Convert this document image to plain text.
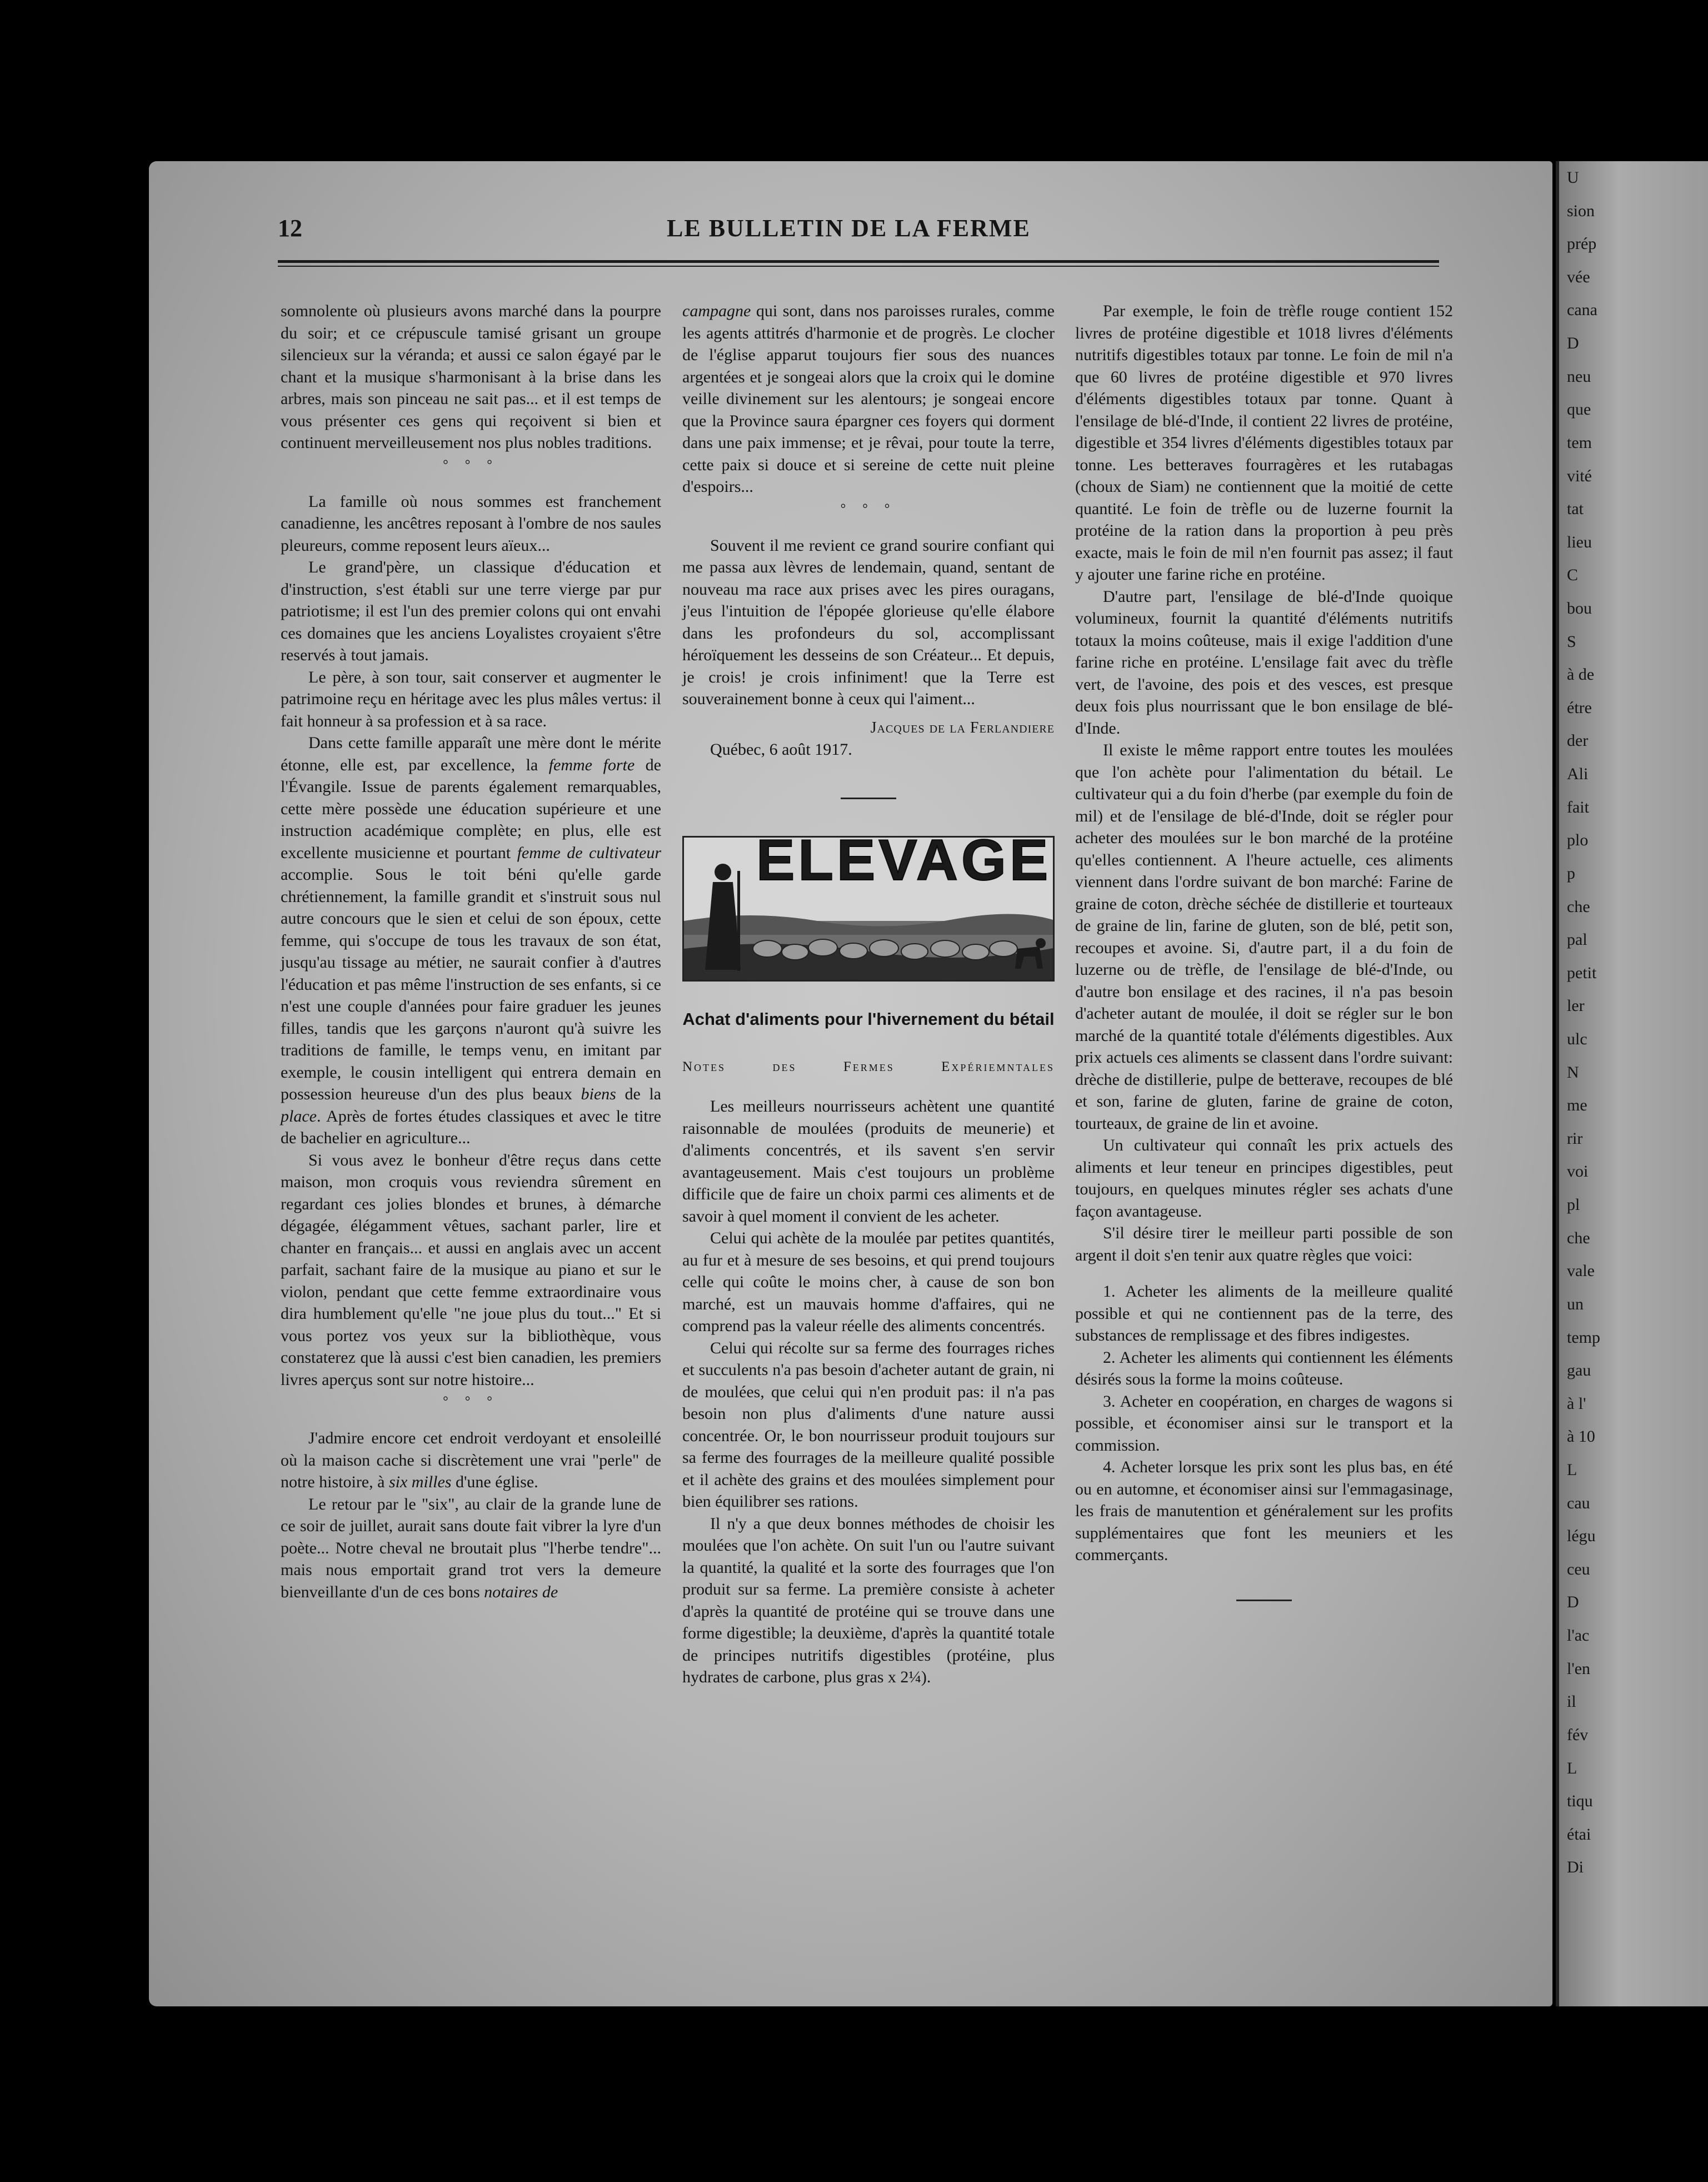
U
sion
prép
vée
cana
D
neu
que
tem
vité
tat
lieu
C
bou
S
à de
étre
der
Ali
fait
plo
p
che
pal
petit
ler
ulc
N
me
rir
voi
pl
che
vale
un
temp
gau
à l'
à 10
L
cau
légu
ceu
D
l'ac
l'en
il
fév
L
tiqu
étai
Di
12	LE BULLETIN DE LA FERME

somnolente où plusieurs avons marché dans la pourpre du soir; et ce crépuscule tamisé grisant un groupe silencieux sur la véranda; et aussi ce salon égayé par le chant et la musique s'harmonisant à la brise dans les arbres, mais son pinceau ne sait pas... et il est temps de vous présenter ces gens qui reçoivent si bien et continuent merveilleusement nos plus nobles traditions.

° ° °

La famille où nous sommes est franchement canadienne, les ancêtres reposant à l'ombre de nos saules pleureurs, comme reposent leurs aïeux...

Le grand'père, un classique d'éducation et d'instruction, s'est établi sur une terre vierge par pur patriotisme; il est l'un des premier colons qui ont envahi ces domaines que les anciens Loyalistes croyaient s'être reservés à tout jamais.

Le père, à son tour, sait conserver et augmenter le patrimoine reçu en héritage avec les plus mâles vertus: il fait honneur à sa profession et à sa race.

Dans cette famille apparaît une mère dont le mérite étonne, elle est, par excellence, la femme forte de l'Évangile. Issue de parents également remarquables, cette mère possède une éducation supérieure et une instruction académique complète; en plus, elle est excellente musicienne et pourtant femme de cultivateur accomplie. Sous le toit béni qu'elle garde chrétiennement, la famille grandit et s'instruit sous nul autre concours que le sien et celui de son époux, cette femme, qui s'occupe de tous les travaux de son état, jusqu'au tissage au métier, ne saurait confier à d'autres l'éducation et pas même l'instruction de ses enfants, si ce n'est une couple d'années pour faire graduer les jeunes filles, tandis que les garçons n'auront qu'à suivre les traditions de famille, le temps venu, en imitant par exemple, le cousin intelligent qui entrera demain en possession heureuse d'un des plus beaux biens de la place. Après de fortes études classiques et avec le titre de bachelier en agriculture...

Si vous avez le bonheur d'être reçus dans cette maison, mon croquis vous reviendra sûrement en regardant ces jolies blondes et brunes, à démarche dégagée, élégamment vêtues, sachant parler, lire et chanter en français... et aussi en anglais avec un accent parfait, sachant faire de la musique au piano et sur le violon, pendant que cette femme extraordinaire vous dira humblement qu'elle "ne joue plus du tout..." Et si vous portez vos yeux sur la bibliothèque, vous constaterez que là aussi c'est bien canadien, les premiers livres aperçus sont sur notre histoire...

° ° °

J'admire encore cet endroit verdoyant et ensoleillé où la maison cache si discrètement une vrai "perle" de notre histoire, à six milles d'une église.

Le retour par le "six", au clair de la grande lune de ce soir de juillet, aurait sans doute fait vibrer la lyre d'un poète... Notre cheval ne broutait plus "l'herbe tendre"... mais nous emportait grand trot vers la demeure bienveillante d'un de ces bons notaires de

campagne qui sont, dans nos paroisses rurales, comme les agents attitrés d'harmonie et de progrès. Le clocher de l'église apparut toujours fier sous des nuances argentées et je songeai alors que la croix qui le domine veille divinement sur les alentours; je songeai encore que la Province saura épargner ces foyers qui dorment dans une paix immense; et je rêvai, pour toute la terre, cette paix si douce et si sereine de cette nuit pleine d'espoirs...

° ° °

Souvent il me revient ce grand sourire confiant qui me passa aux lèvres de lendemain, quand, sentant de nouveau ma race aux prises avec les pires ouragans, j'eus l'intuition de l'épopée glorieuse qu'elle élabore dans les profondeurs du sol, accomplissant héroïquement les desseins de son Créateur... Et depuis, je crois! je crois infiniment! que la Terre est souverainement bonne à ceux qui l'aiment...

Jacques de la Ferlandiere

Québec, 6 août 1917.

ELEVAGE
Achat d'aliments pour l'hivernement du bétail
Notes des Fermes Expériemntales

Les meilleurs nourrisseurs achètent une quantité raisonnable de moulées (produits de meunerie) et d'aliments concentrés, et ils savent s'en servir avantageusement. Mais c'est toujours un problème difficile que de faire un choix parmi ces aliments et de savoir à quel moment il convient de les acheter.

Celui qui achète de la moulée par petites quantités, au fur et à mesure de ses besoins, et qui prend toujours celle qui coûte le moins cher, à cause de son bon marché, est un mauvais homme d'affaires, qui ne comprend pas la valeur réelle des aliments concentrés.

Celui qui récolte sur sa ferme des fourrages riches et succulents n'a pas besoin d'acheter autant de grain, ni de moulées, que celui qui n'en produit pas: il n'a pas besoin non plus d'aliments d'une nature aussi concentrée. Or, le bon nourrisseur produit toujours sur sa ferme des fourrages de la meilleure qualité possible et il achète des grains et des moulées simplement pour bien équilibrer ses rations.

Il n'y a que deux bonnes méthodes de choisir les moulées que l'on achète. On suit l'un ou l'autre suivant la quantité, la qualité et la sorte des fourrages que l'on produit sur sa ferme. La première consiste à acheter d'après la quantité de protéine qui se trouve dans une forme digestible; la deuxième, d'après la quantité totale de principes nutritifs digestibles (protéine, plus hydrates de carbone, plus gras x 2¼).

Par exemple, le foin de trèfle rouge contient 152 livres de protéine digestible et 1018 livres d'éléments nutritifs digestibles totaux par tonne. Le foin de mil n'a que 60 livres de protéine digestible et 970 livres d'éléments digestibles totaux par tonne. Quant à l'ensilage de blé-d'Inde, il contient 22 livres de protéine, digestible et 354 livres d'éléments digestibles totaux par tonne. Les betteraves fourragères et les rutabagas (choux de Siam) ne contiennent que la moitié de cette quantité. Le foin de trèfle ou de luzerne fournit la protéine de la ration dans la proportion à peu près exacte, mais le foin de mil n'en fournit pas assez; il faut y ajouter une farine riche en protéine.

D'autre part, l'ensilage de blé-d'Inde quoique volumineux, fournit la quantité d'éléments nutritifs totaux la moins coûteuse, mais il exige l'addition d'une farine riche en protéine. L'ensilage fait avec du trèfle vert, de l'avoine, des pois et des vesces, est presque deux fois plus nourrissant que le bon ensilage de blé-d'Inde.

Il existe le même rapport entre toutes les moulées que l'on achète pour l'alimentation du bétail. Le cultivateur qui a du foin d'herbe (par exemple du foin de mil) et de l'ensilage de blé-d'Inde, doit se régler pour acheter des moulées sur le bon marché de la protéine qu'elles contiennent. A l'heure actuelle, ces aliments viennent dans l'ordre suivant de bon marché: Farine de graine de coton, drèche séchée de distillerie et tourteaux de graine de lin, farine de gluten, son de blé, petit son, recoupes et avoine. Si, d'autre part, il a du foin de luzerne ou de trèfle, de l'ensilage de blé-d'Inde, ou d'autre bon ensilage et des racines, il n'a pas besoin d'acheter autant de moulée, il doit se régler sur le bon marché de la quantité totale d'éléments digestibles. Aux prix actuels ces aliments se classent dans l'ordre suivant: drèche de distillerie, pulpe de betterave, recoupes de blé et son, farine de gluten, farine de graine de coton, tourteaux, de graine de lin et avoine.

Un cultivateur qui connaît les prix actuels des aliments et leur teneur en principes digestibles, peut toujours, en quelques minutes régler ses achats d'une façon avantageuse.

S'il désire tirer le meilleur parti possible de son argent il doit s'en tenir aux quatre règles que voici:

1. Acheter les aliments de la meilleure qualité possible et qui ne contiennent pas de la terre, des substances de remplissage et des fibres indigestes.

2. Acheter les aliments qui contiennent les éléments désirés sous la forme la moins coûteuse.

3. Acheter en coopération, en charges de wagons si possible, et économiser ainsi sur le transport et la commission.

4. Acheter lorsque les prix sont les plus bas, en été ou en automne, et économiser ainsi sur l'emmagasinage, les frais de manutention et généralement sur les profits supplémentaires que font les meuniers et les commerçants.
